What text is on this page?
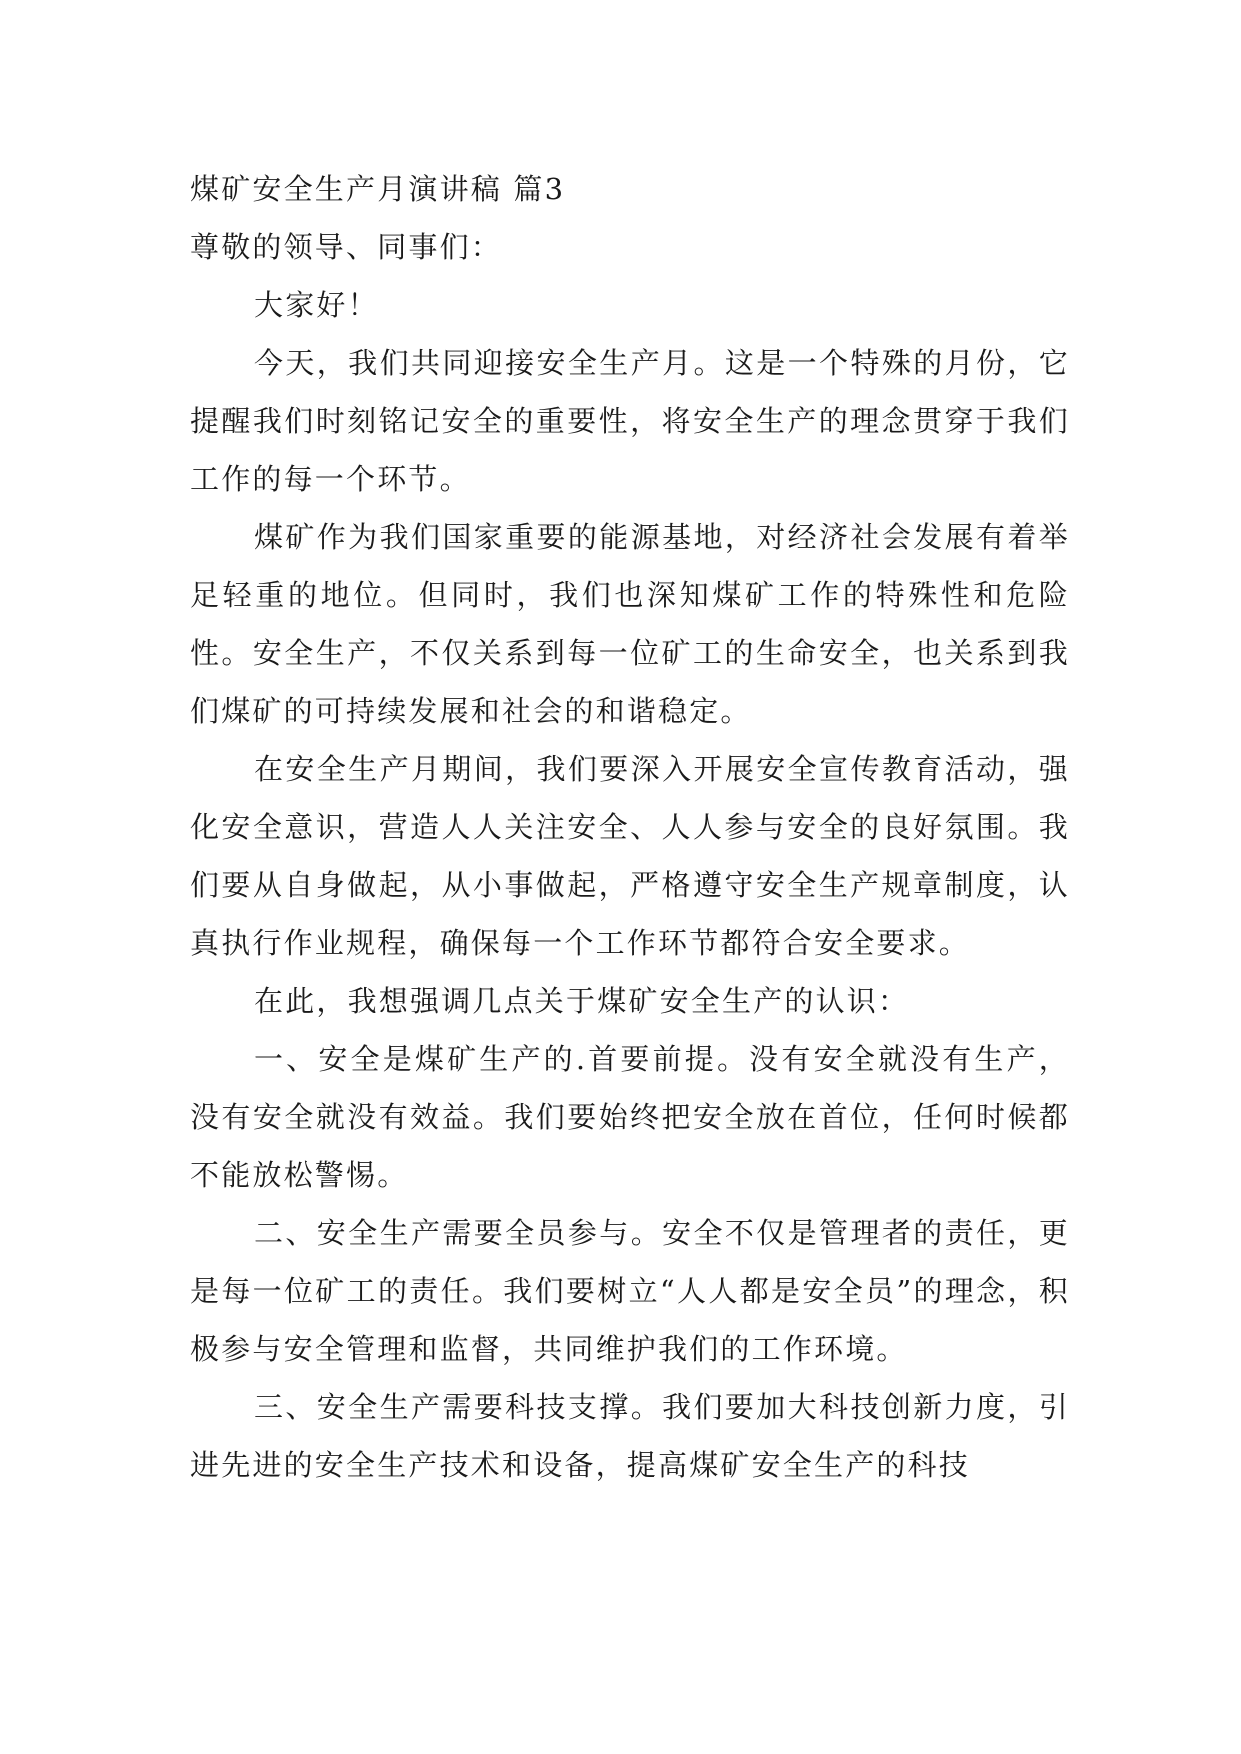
煤矿安全生产月演讲稿 篇3

尊敬的领导、同事们：

大家好！

今天，我们共同迎接安全生产月。这是一个特殊的月份，它提醒我们时刻铭记安全的重要性，将安全生产的理念贯穿于我们工作的每一个环节。

煤矿作为我们国家重要的能源基地，对经济社会发展有着举足轻重的地位。但同时，我们也深知煤矿工作的特殊性和危险性。安全生产，不仅关系到每一位矿工的生命安全，也关系到我们煤矿的可持续发展和社会的和谐稳定。

在安全生产月期间，我们要深入开展安全宣传教育活动，强化安全意识，营造人人关注安全、人人参与安全的良好氛围。我们要从自身做起，从小事做起，严格遵守安全生产规章制度，认真执行作业规程，确保每一个工作环节都符合安全要求。

在此，我想强调几点关于煤矿安全生产的认识：

一、安全是煤矿生产的.首要前提。没有安全就没有生产，没有安全就没有效益。我们要始终把安全放在首位，任何时候都不能放松警惕。

二、安全生产需要全员参与。安全不仅是管理者的责任，更是每一位矿工的责任。我们要树立“人人都是安全员”的理念，积极参与安全管理和监督，共同维护我们的工作环境。

三、安全生产需要科技支撑。我们要加大科技创新力度，引进先进的安全生产技术和设备，提高煤矿安全生产的科技
